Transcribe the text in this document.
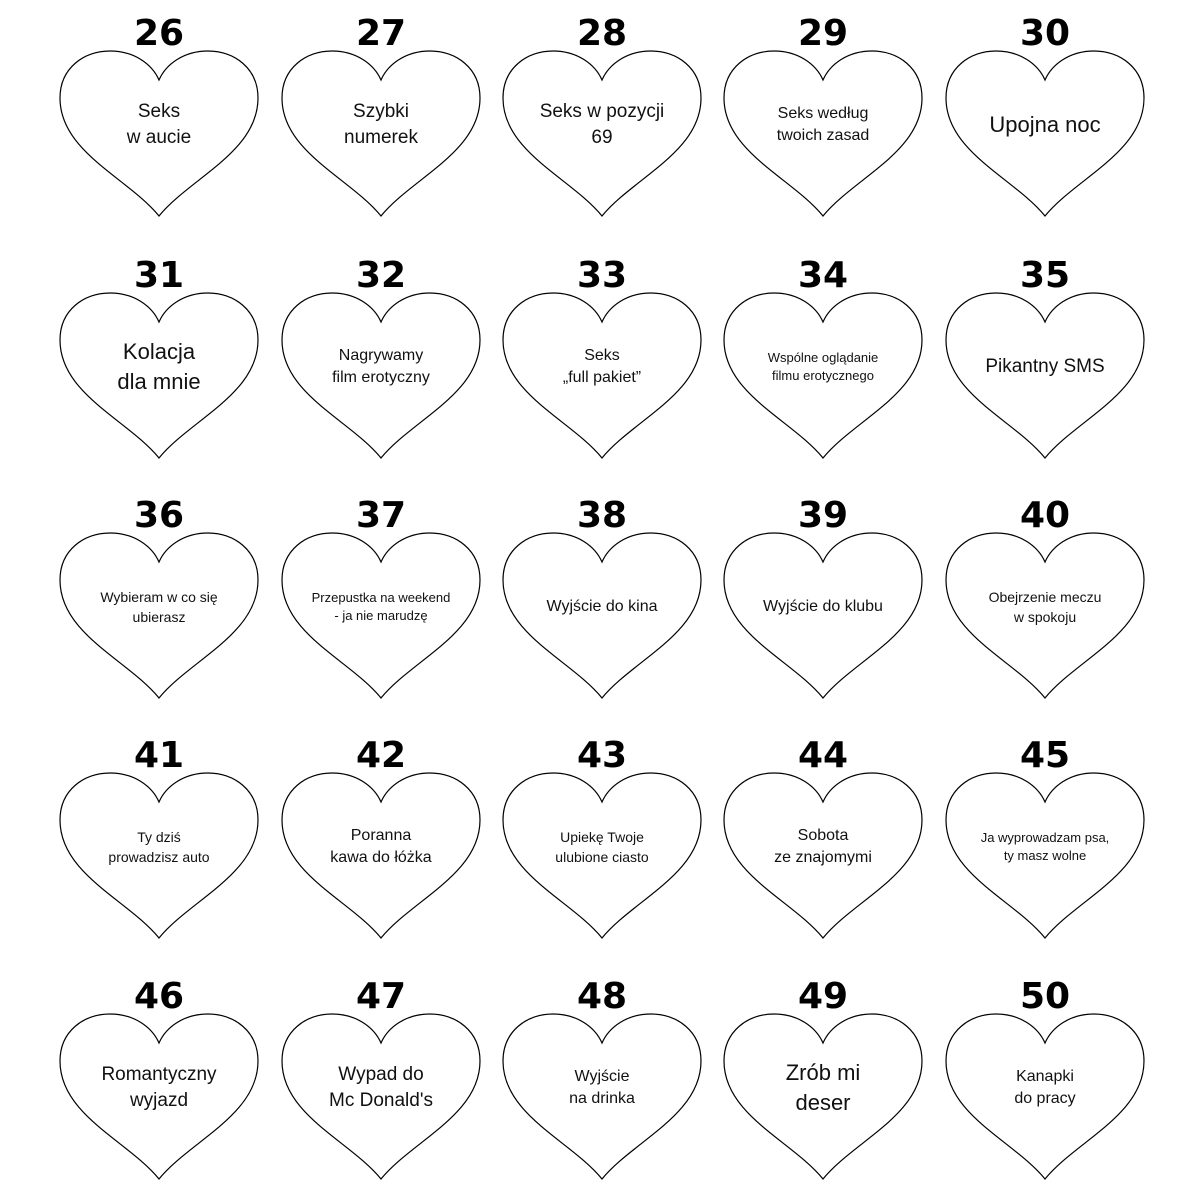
26
Seks
w aucie
27
Szybki
numerek
28
Seks w pozycji
69
29
Seks według
twoich zasad
30
Upojna noc
31
Kolacja
dla mnie
32
Nagrywamy
film erotyczny
33
Seks
„full pakiet”
34
Wspólne oglądanie
filmu erotycznego
35
Pikantny SMS
36
Wybieram w co się
ubierasz
37
Przepustka na weekend
- ja nie marudzę
38
Wyjście do kina
39
Wyjście do klubu
40
Obejrzenie meczu
w spokoju
41
Ty dziś
prowadzisz auto
42
Poranna
kawa do łóżka
43
Upiekę Twoje
ulubione ciasto
44
Sobota
ze znajomymi
45
Ja wyprowadzam psa,
ty masz wolne
46
Romantyczny
wyjazd
47
Wypad do
Mc Donald's
48
Wyjście
na drinka
49
Zrób mi
deser
50
Kanapki
do pracy
